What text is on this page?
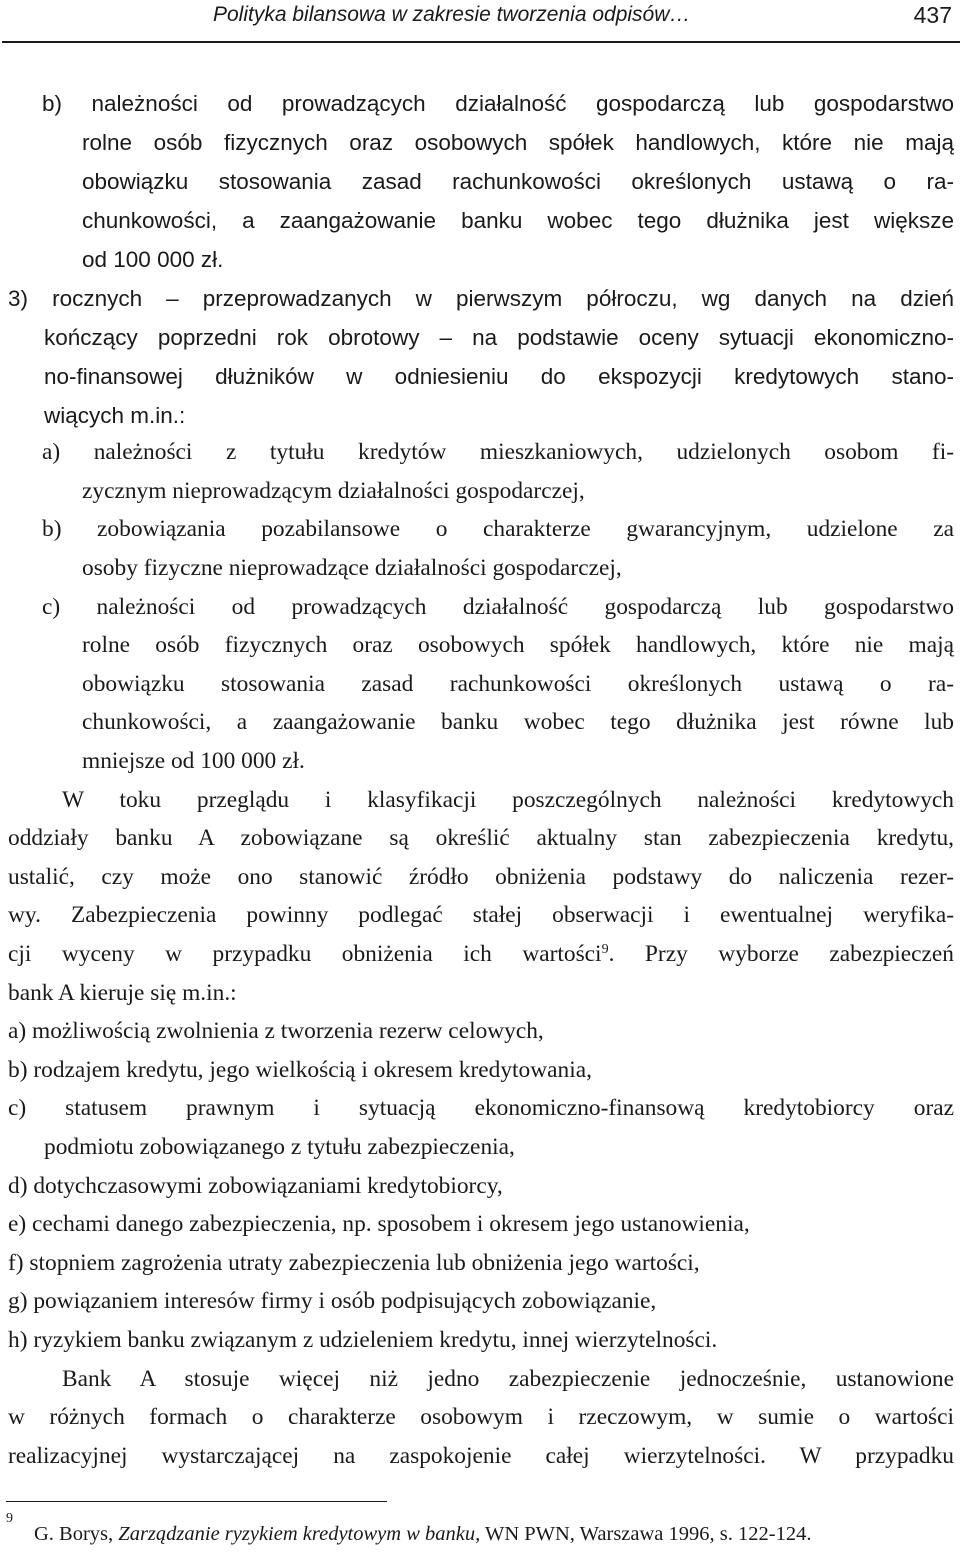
Polityka bilansowa w zakresie tworzenia odpisów…	437
b) należności od prowadzących działalność gospodarczą lub gospodarstwo
rolne osób fizycznych oraz osobowych spółek handlowych, które nie mają
obowiązku stosowania zasad rachunkowości określonych ustawą o ra-
chunkowości, a zaangażowanie banku wobec tego dłużnika jest większe
od 100 000 zł.
3) rocznych – przeprowadzanych w pierwszym półroczu, wg danych na dzień
kończący poprzedni rok obrotowy – na podstawie oceny sytuacji ekonomiczno-
no-finansowej dłużników w odniesieniu do ekspozycji kredytowych stano-
wiących m.in.:
a) należności z tytułu kredytów mieszkaniowych, udzielonych osobom fi-
zycznym nieprowadzącym działalności gospodarczej,
b) zobowiązania pozabilansowe o charakterze gwarancyjnym, udzielone za
osoby fizyczne nieprowadzące działalności gospodarczej,
c) należności od prowadzących działalność gospodarczą lub gospodarstwo
rolne osób fizycznych oraz osobowych spółek handlowych, które nie mają
obowiązku stosowania zasad rachunkowości określonych ustawą o ra-
chunkowości, a zaangażowanie banku wobec tego dłużnika jest równe lub
mniejsze od 100 000 zł.
W toku przeglądu i klasyfikacji poszczególnych należności kredytowych
oddziały banku A zobowiązane są określić aktualny stan zabezpieczenia kredytu,
ustalić, czy może ono stanowić źródło obniżenia podstawy do naliczenia rezer-
wy. Zabezpieczenia powinny podlegać stałej obserwacji i ewentualnej weryfika-
cji wyceny w przypadku obniżenia ich wartości$^9$. Przy wyborze zabezpieczeń
bank A kieruje się m.in.:
a) możliwością zwolnienia z tworzenia rezerw celowych,
b) rodzajem kredytu, jego wielkością i okresem kredytowania,
c) statusem prawnym i sytuacją ekonomiczno-finansową kredytobiorcy oraz
podmiotu zobowiązanego z tytułu zabezpieczenia,
d) dotychczasowymi zobowiązaniami kredytobiorcy,
e) cechami danego zabezpieczenia, np. sposobem i okresem jego ustanowienia,
f) stopniem zagrożenia utraty zabezpieczenia lub obniżenia jego wartości,
g) powiązaniem interesów firmy i osób podpisujących zobowiązanie,
h) ryzykiem banku związanym z udzieleniem kredytu, innej wierzytelności.
Bank A stosuje więcej niż jedno zabezpieczenie jednocześnie, ustanowione
w różnych formach o charakterze osobowym i rzeczowym, w sumie o wartości
realizacyjnej wystarczającej na zaspokojenie całej wierzytelności. W przypadku
9
G. Borys, Zarządzanie ryzykiem kredytowym w banku, WN PWN, Warszawa 1996, s. 122-124.
